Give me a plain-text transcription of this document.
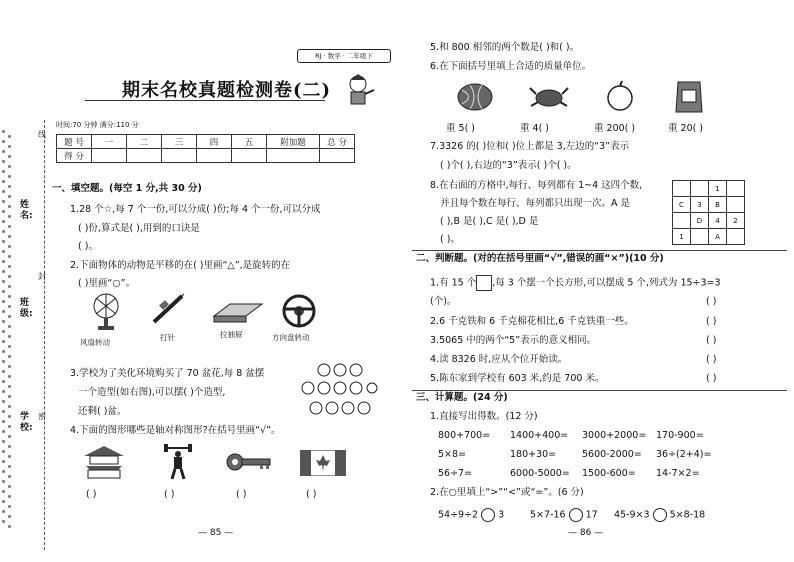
姓名:
班级:
学校:
线
封
密
RJ · 数学 · 二年级下
期末名校真题检测卷(二)
时间:70 分钟 满分:110 分
题 号	一	二	三	四	五	附加题	总 分
得 分							
一、填空题。(每空 1 分,共 30 分)
1.28 个☆,每 7 个一份,可以分成( )份;每 4 个一份,可以分成
( )份,算式是( ),用到的口诀是
( )。
2.下面物体的动物是平移的在( )里画“△”,是旋转的在
( )里画“○”。
风扇转动
打针	拉抽屉	方向盘转动
3.学校为了美化环境购买了 70 盆花,每 8 盆摆
一个造型(如右图),可以摆( )个造型,
还剩( )盆。
4.下面的图形哪些是轴对称图形?在括号里画“√”。
( )	( )	( )	( )
— 85 —
5.和 800 相邻的两个数是( )和( )。
6.在下面括号里填上合适的质量单位。
重 5( )	重 4( )	重 200( )	重 20( )
7.3326 的( )位和( )位上都是 3,左边的“3”表示
( )个( ),右边的“3”表示( )个( )。
8.在右面的方格中,每行、每列都有 1~4 这四个数,
并且每个数在每行、每列都只出现一次。A 是
( ),B 是( ),C 是( ),D 是
( )。
		1	
C	3	B	
	D	4	2
1		A	
二、判断题。(对的在括号里画“√”,错误的画“×”)(10 分)
1.有 15 个 ,每 3 个摆一个长方形,可以摆成 5 个,列式为 15÷3=3
(个)。	( )
2.6 千克铁和 6 千克棉花相比,6 千克铁重一些。	( )
3.5065 中的两个“5”表示的意义相同。	( )
4.读 8326 时,应从个位开始读。	( )
5.陈东家到学校有 603 米,约是 700 米。	( )
三、计算题。(24 分)
1.直接写出得数。(12 分)
800+700= 1400+400= 3000+2000= 170-900=
5×8=	180+30=	5600-2000= 36÷(2+4)=
56÷7=	6000-5000= 1500-600= 14-7×2=
2.在○里填上“>”“<”或“=”。(6 分)
54÷9÷2 3	5×7-16 17 45-9×3 5×8-18
— 86 —
